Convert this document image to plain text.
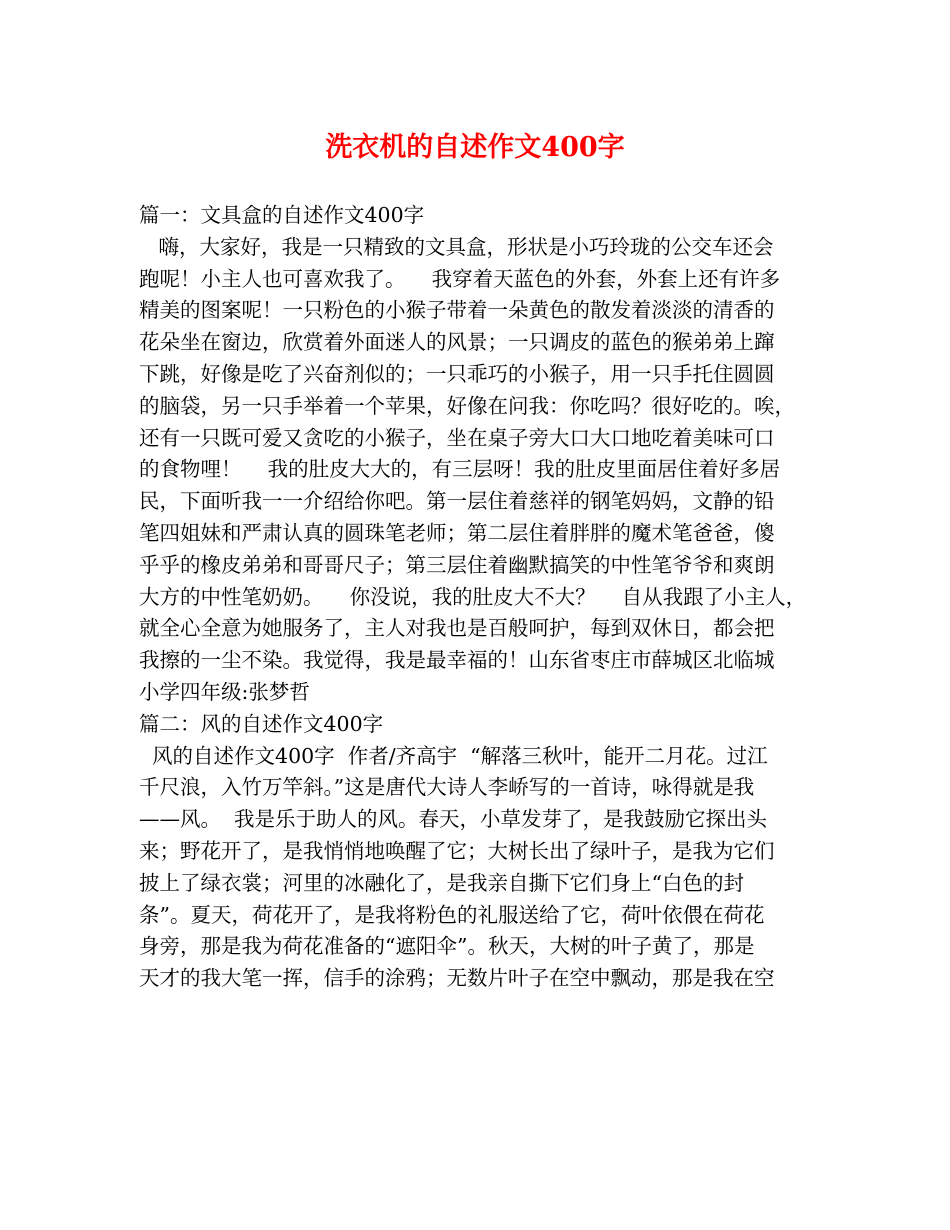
洗衣机的自述作文400字
篇一：文具盒的自述作文400字
嗨，大家好，我是一只精致的文具盒，形状是小巧玲珑的公交车还会
跑呢！小主人也可喜欢我了。    我穿着天蓝色的外套，外套上还有许多
精美的图案呢！一只粉色的小猴子带着一朵黄色的散发着淡淡的清香的
花朵坐在窗边，欣赏着外面迷人的风景；一只调皮的蓝色的猴弟弟上蹿
下跳，好像是吃了兴奋剂似的；一只乖巧的小猴子，用一只手托住圆圆
的脑袋，另一只手举着一个苹果，好像在问我：你吃吗？很好吃的。唉，
还有一只既可爱又贪吃的小猴子，坐在桌子旁大口大口地吃着美味可口
的食物哩！    我的肚皮大大的，有三层呀！我的肚皮里面居住着好多居
民，下面听我一一介绍给你吧。第一层住着慈祥的钢笔妈妈，文静的铅
笔四姐妹和严肃认真的圆珠笔老师；第二层住着胖胖的魔术笔爸爸，傻
乎乎的橡皮弟弟和哥哥尺子；第三层住着幽默搞笑的中性笔爷爷和爽朗
大方的中性笔奶奶。    你没说，我的肚皮大不大？    自从我跟了小主人，
就全心全意为她服务了，主人对我也是百般呵护，每到双休日，都会把
我擦的一尘不染。我觉得，我是最幸福的！山东省枣庄市薛城区北临城
小学四年级:张梦哲
篇二：风的自述作文400字
风的自述作文400字  作者/齐高宇  “解落三秋叶，能开二月花。过江
千尺浪，入竹万竿斜。”这是唐代大诗人李峤写的一首诗，咏得就是我
——风。  我是乐于助人的风。春天，小草发芽了，是我鼓励它探出头
来；野花开了，是我悄悄地唤醒了它；大树长出了绿叶子，是我为它们
披上了绿衣裳；河里的冰融化了，是我亲自撕下它们身上“白色的封
条”。夏天，荷花开了，是我将粉色的礼服送给了它，荷叶依偎在荷花
身旁，那是我为荷花准备的“遮阳伞”。秋天，大树的叶子黄了，那是
天才的我大笔一挥，信手的涂鸦；无数片叶子在空中飘动，那是我在空
